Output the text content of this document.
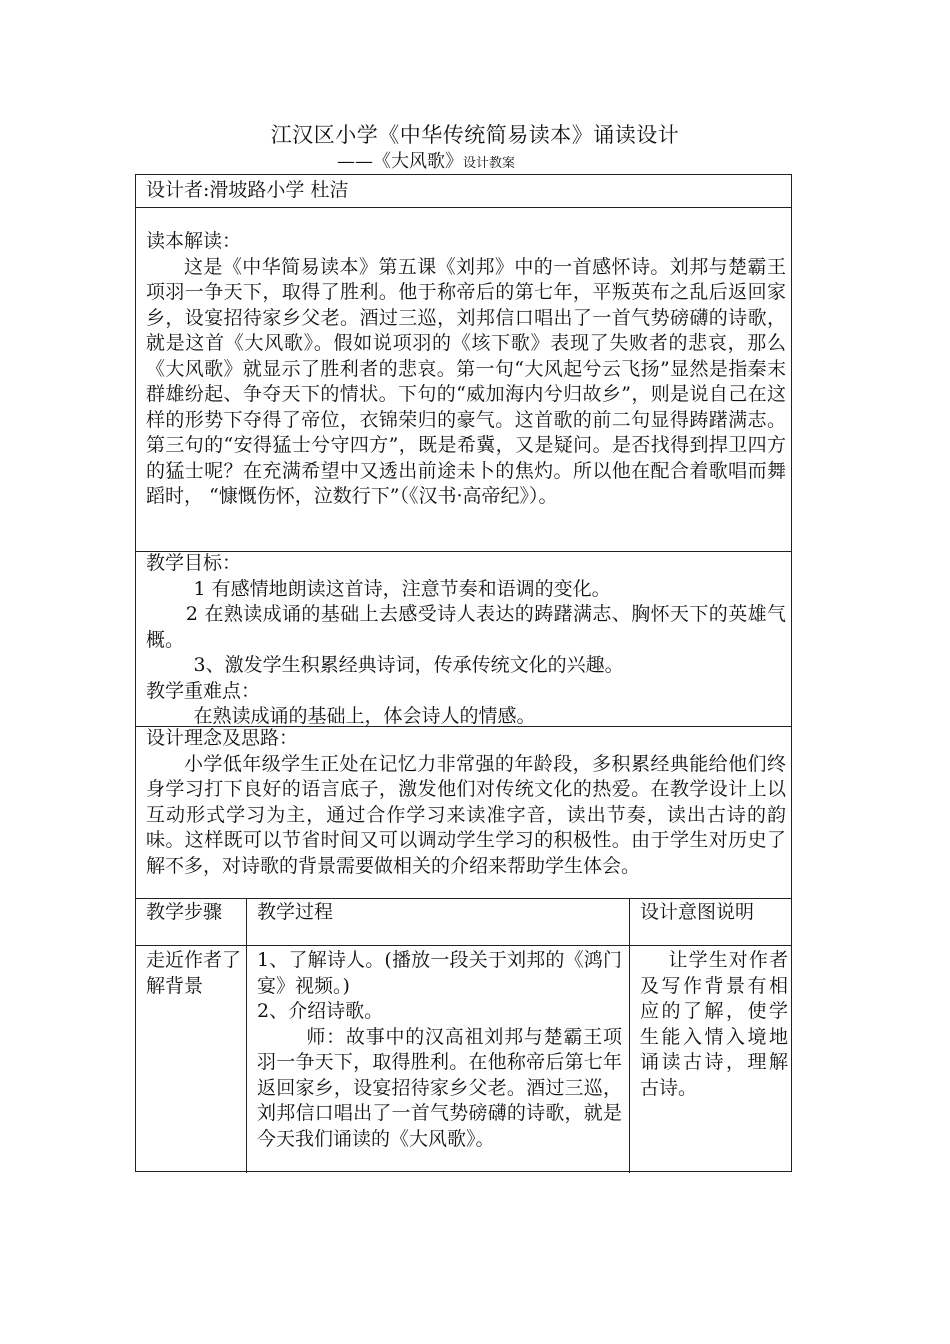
江汉区小学《中华传统简易读本》诵读设计
——《大风歌》设计教案
设计者:滑坡路小学 杜洁

读本解读：

这是《中华简易读本》第五课《刘邦》中的一首感怀诗。刘邦与楚霸王项羽一争天下，取得了胜利。他于称帝后的第七年，平叛英布之乱后返回家乡，设宴招待家乡父老。酒过三巡，刘邦信口唱出了一首气势磅礴的诗歌，就是这首《大风歌》。假如说项羽的《垓下歌》表现了失败者的悲哀，那么《大风歌》就显示了胜利者的悲哀。第一句“大风起兮云飞扬”显然是指秦末群雄纷起、争夺天下的情状。下句的“威加海内兮归故乡”，则是说自己在这样的形势下夺得了帝位，衣锦荣归的豪气。这首歌的前二句显得踌躇满志。第三句的“安得猛士兮守四方”，既是希冀，又是疑问。是否找得到捍卫四方的猛士呢？在充满希望中又透出前途未卜的焦灼。所以他在配合着歌唱而舞蹈时， “慷慨伤怀，泣数行下”（《汉书·高帝纪》）。

教学目标：

1 有感情地朗读这首诗，注意节奏和语调的变化。

2 在熟读成诵的基础上去感受诗人表达的踌躇满志、胸怀天下的英雄气概。

3、激发学生积累经典诗词，传承传统文化的兴趣。

教学重难点：

在熟读成诵的基础上，体会诗人的情感。

设计理念及思路：

小学低年级学生正处在记忆力非常强的年龄段，多积累经典能给他们终身学习打下良好的语言底子，激发他们对传统文化的热爱。在教学设计上以互动形式学习为主，通过合作学习来读准字音，读出节奏，读出古诗的韵味。这样既可以节省时间又可以调动学生学习的积极性。由于学生对历史了解不多，对诗歌的背景需要做相关的介绍来帮助学生体会。

教学步骤	教学过程	设计意图说明
走近作者了解背景

1、了解诗人。(播放一段关于刘邦的《鸿门宴》视频。)

2、介绍诗歌。

师：故事中的汉高祖刘邦与楚霸王项羽一争天下，取得胜利。在他称帝后第七年返回家乡，设宴招待家乡父老。酒过三巡，刘邦信口唱出了一首气势磅礴的诗歌，就是今天我们诵读的《大风歌》。

让学生对作者及写作背景有相应的了解，使学生能入情入境地诵读古诗，理解古诗。
